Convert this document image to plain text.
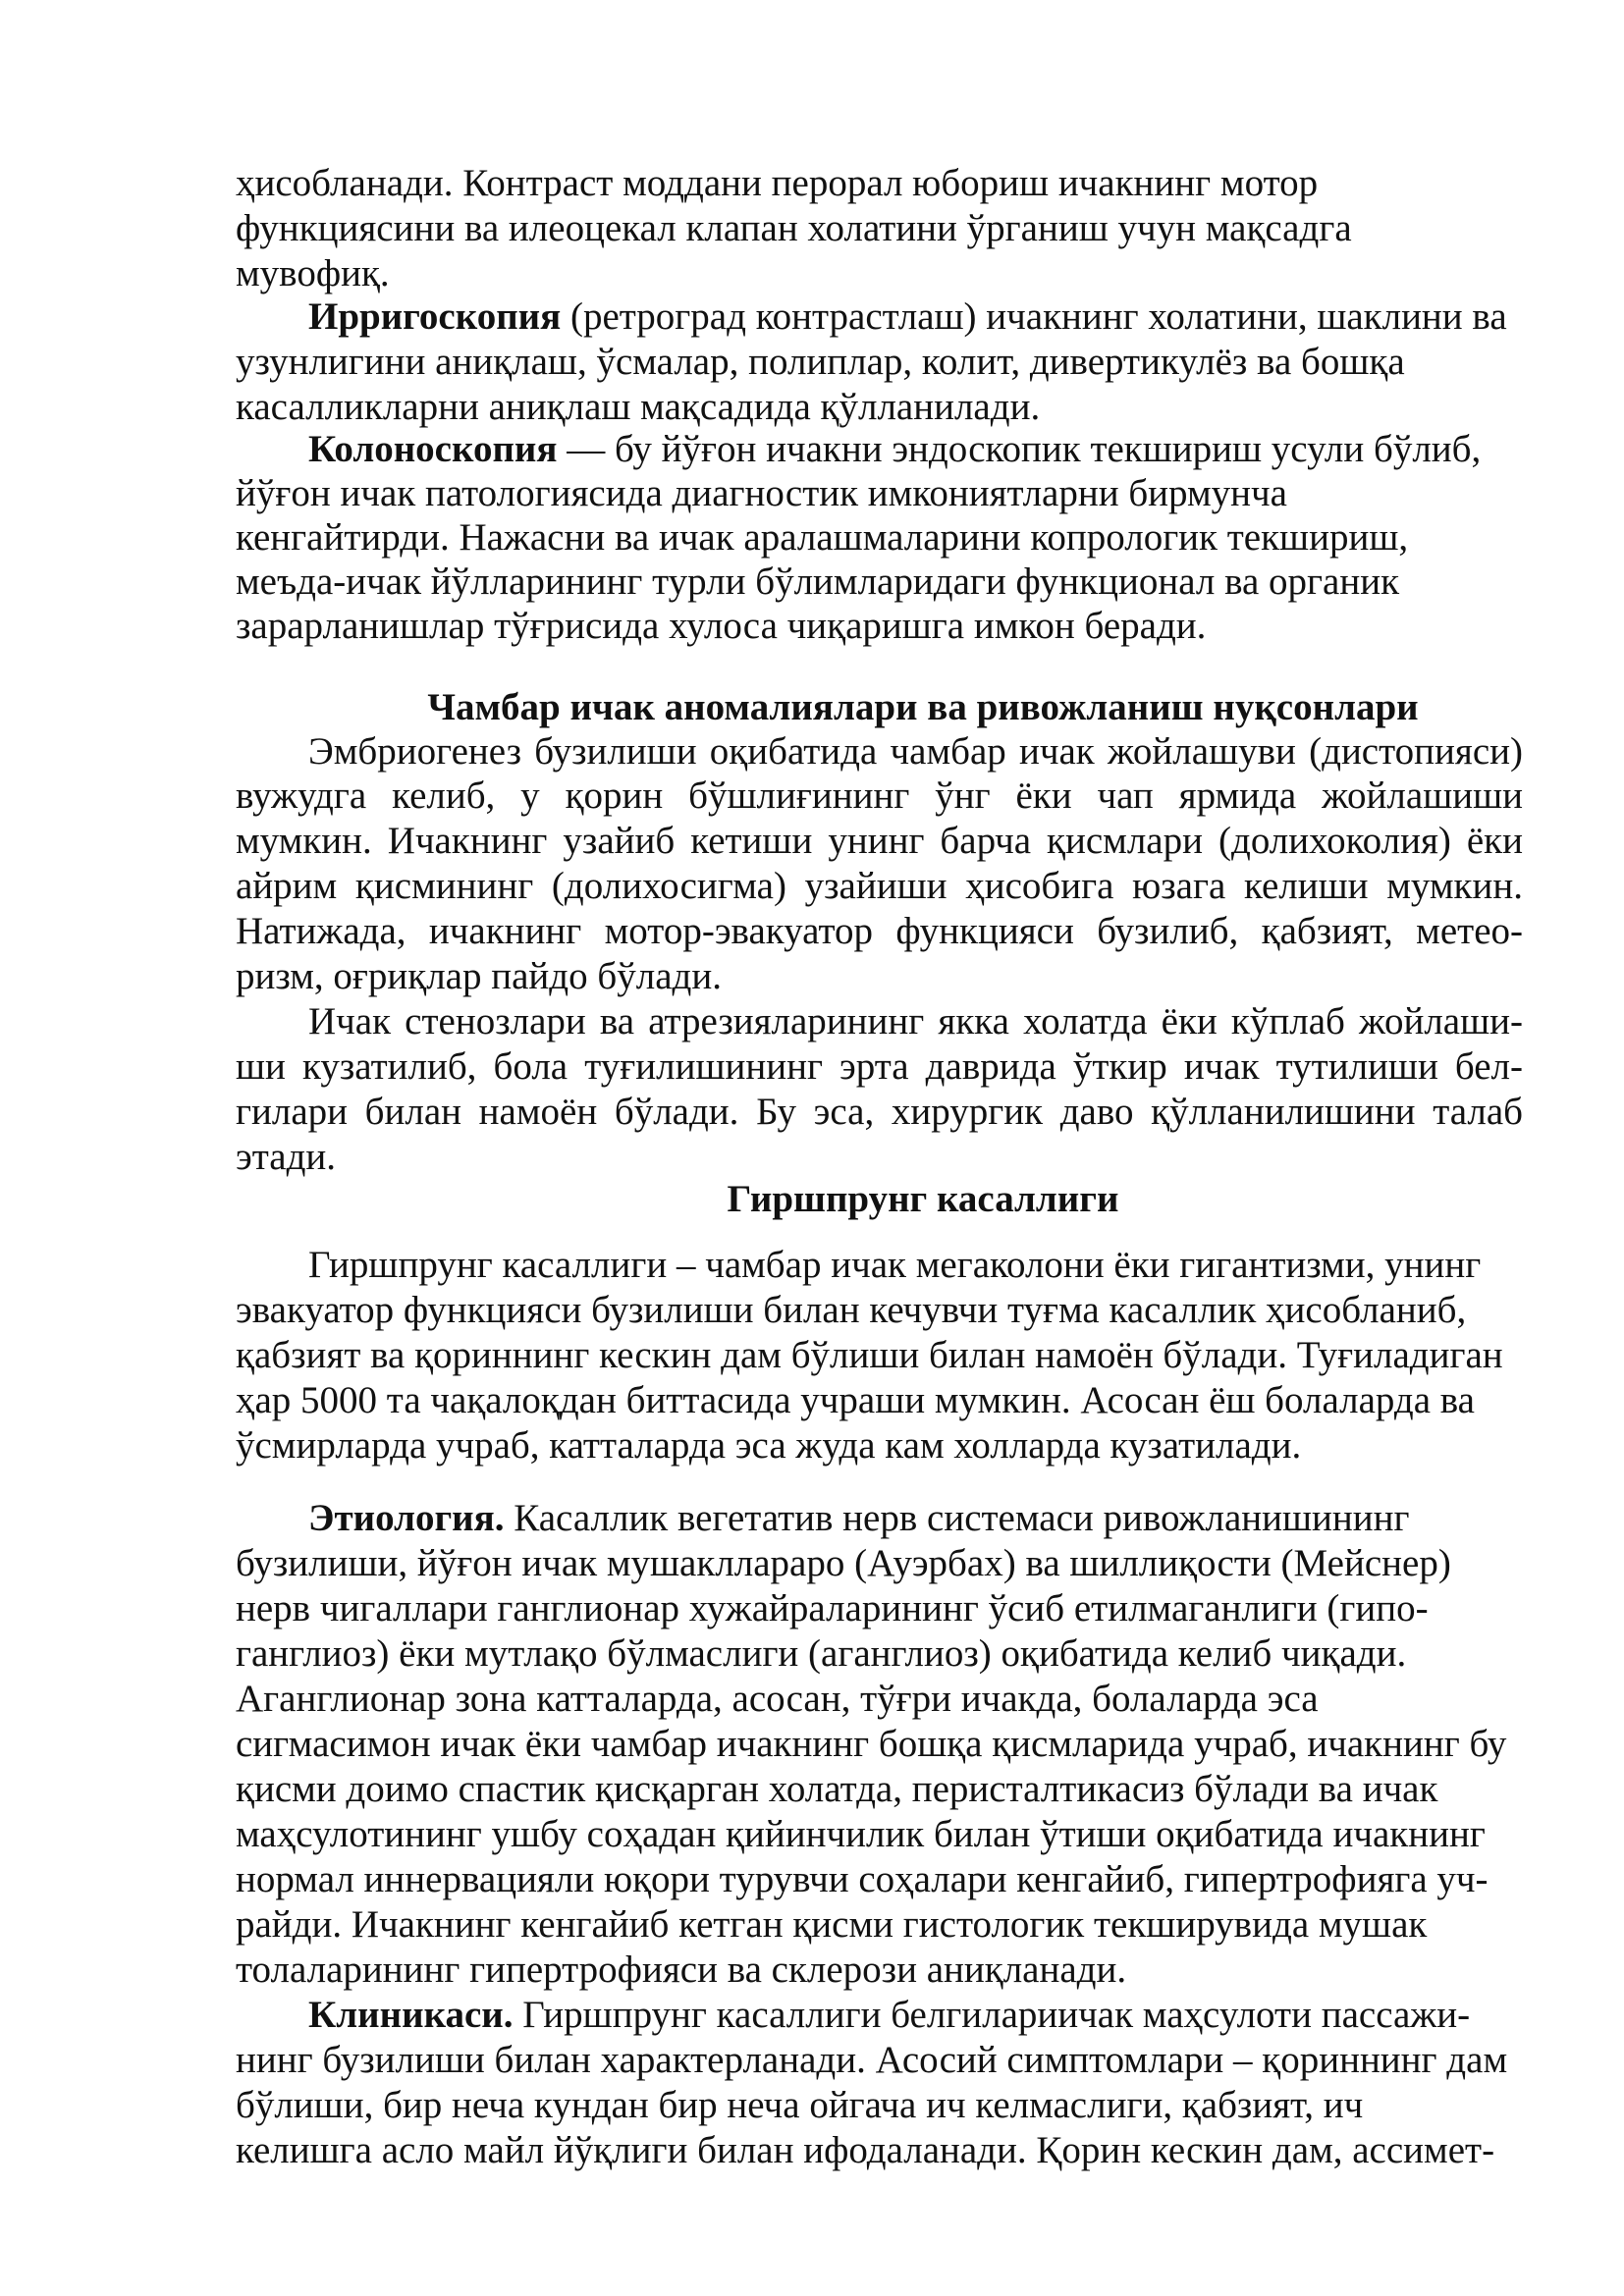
ҳисобланади. Контраст моддани перорал юбориш ичакнинг мотор

функциясини ва илеоцекал клапан холатини ўрганиш учун мақсадга

мувофиқ.

Ирригоскопия (ретроград контрастлаш) ичакнинг холатини, шаклини ва

узунлигини аниқлаш, ўсмалар, полиплар, колит, дивертикулёз ва бошқа

касалликларни аниқлаш мақсадида қўлланилади.

Колоноскопия — бу йўғон ичакни эндоскопик текшириш усули бўлиб,

йўғон ичак патологиясида диагностик имкониятларни бирмунча

кенгайтирди. Нажасни ва ичак аралашмаларини копрологик текшириш,

меъда-ичак йўлларининг турли бўлимларидаги функционал ва органик

зарарланишлар тўғрисида хулоса чиқаришга имкон беради.

Чамбар ичак аномалиялари ва ривожланиш нуқсонлари

Эмбриогенез бузилиши оқибатида чамбар ичак жойлашуви (дистопияси)

вужудга келиб, у қорин бўшлиғининг ўнг ёки чап ярмида жойлашиши

мумкин. Ичакнинг узайиб кетиши унинг барча қисмлари (долихоколия) ёки

айрим қисмининг (долихосигма) узайиши ҳисобига юзага келиши мумкин.

Натижада, ичакнинг мотор-эвакуатор функцияси бузилиб, қабзият, метео-

ризм, оғриқлар пайдо бўлади.

Ичак стенозлари ва атрезияларининг якка холатда ёки кўплаб жойлаши-

ши кузатилиб, бола туғилишининг эрта даврида ўткир ичак тутилиши бел-

гилари билан намоён бўлади. Бу эса, хирургик даво қўлланилишини талаб

этади.

Гиршпрунг касаллиги

Гиршпрунг касаллиги – чамбар ичак мегаколони ёки гигантизми, унинг

эвакуатор функцияси бузилиши билан кечувчи туғма касаллик ҳисобланиб,

қабзият ва қориннинг кескин дам бўлиши билан намоён бўлади. Туғиладиган

ҳар 5000 та чақалоқдан биттасида учраши мумкин. Асосан ёш болаларда ва

ўсмирларда учраб, катталарда эса жуда кам холларда кузатилади.

Этиология. Касаллик вегетатив нерв системаси ривожланишининг

бузилиши, йўғон ичак мушакллараро (Ауэрбах) ва шиллиқости (Мейснер)

нерв чигаллари ганглионар хужайраларининг ўсиб етилмаганлиги (гипо-

ганглиоз) ёки мутлақо бўлмаслиги (аганглиоз) оқибатида келиб чиқади.

Аганглионар зона катталарда, асосан, тўғри ичакда, болаларда эса

сигмасимон ичак ёки чамбар ичакнинг бошқа қисмларида учраб, ичакнинг бу

қисми доимо спастик қисқарган холатда, перисталтикасиз бўлади ва ичак

маҳсулотининг ушбу соҳадан қийинчилик билан ўтиши оқибатида ичакнинг

нормал иннервацияли юқори турувчи соҳалари кенгайиб, гипертрофияга уч-

райди. Ичакнинг кенгайиб кетган қисми гистологик текширувида мушак

толаларининг гипертрофияси ва склерози аниқланади.

Клиникаси. Гиршпрунг касаллиги белгилариичак маҳсулоти пассажи-

нинг бузилиши билан характерланади. Асосий симптомлари – қориннинг дам

бўлиши, бир неча кундан бир неча ойгача ич келмаслиги, қабзият, ич

келишга асло майл йўқлиги билан ифодаланади. Қорин кескин дам, ассимет-
